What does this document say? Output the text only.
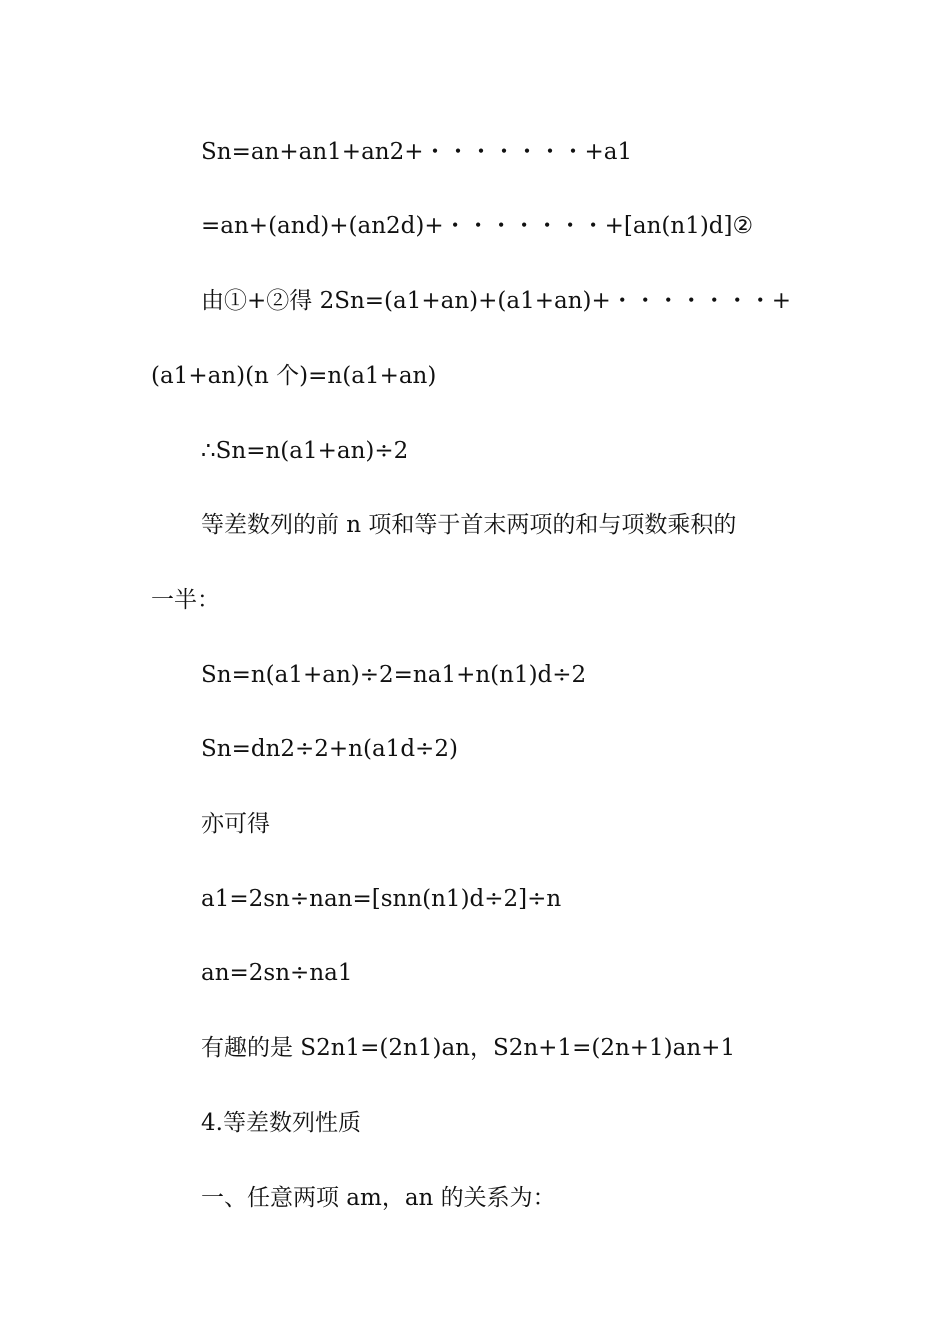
Sn=an+an1+an2+・・・・・・・+a1
=an+(and)+(an2d)+・・・・・・・+[an(n1)d]②
由①+②得 2Sn=(a1+an)+(a1+an)+・・・・・・・+
(a1+an)(n 个)=n(a1+an)
∴Sn=n(a1+an)÷2
等差数列的前 n 项和等于首末两项的和与项数乘积的
一半：
Sn=n(a1+an)÷2=na1+n(n1)d÷2
Sn=dn2÷2+n(a1d÷2)
亦可得
a1=2sn÷nan=[snn(n1)d÷2]÷n
an=2sn÷na1
有趣的是 S2n1=(2n1)an，S2n+1=(2n+1)an+1
4.等差数列性质
一、任意两项 am，an 的关系为：
